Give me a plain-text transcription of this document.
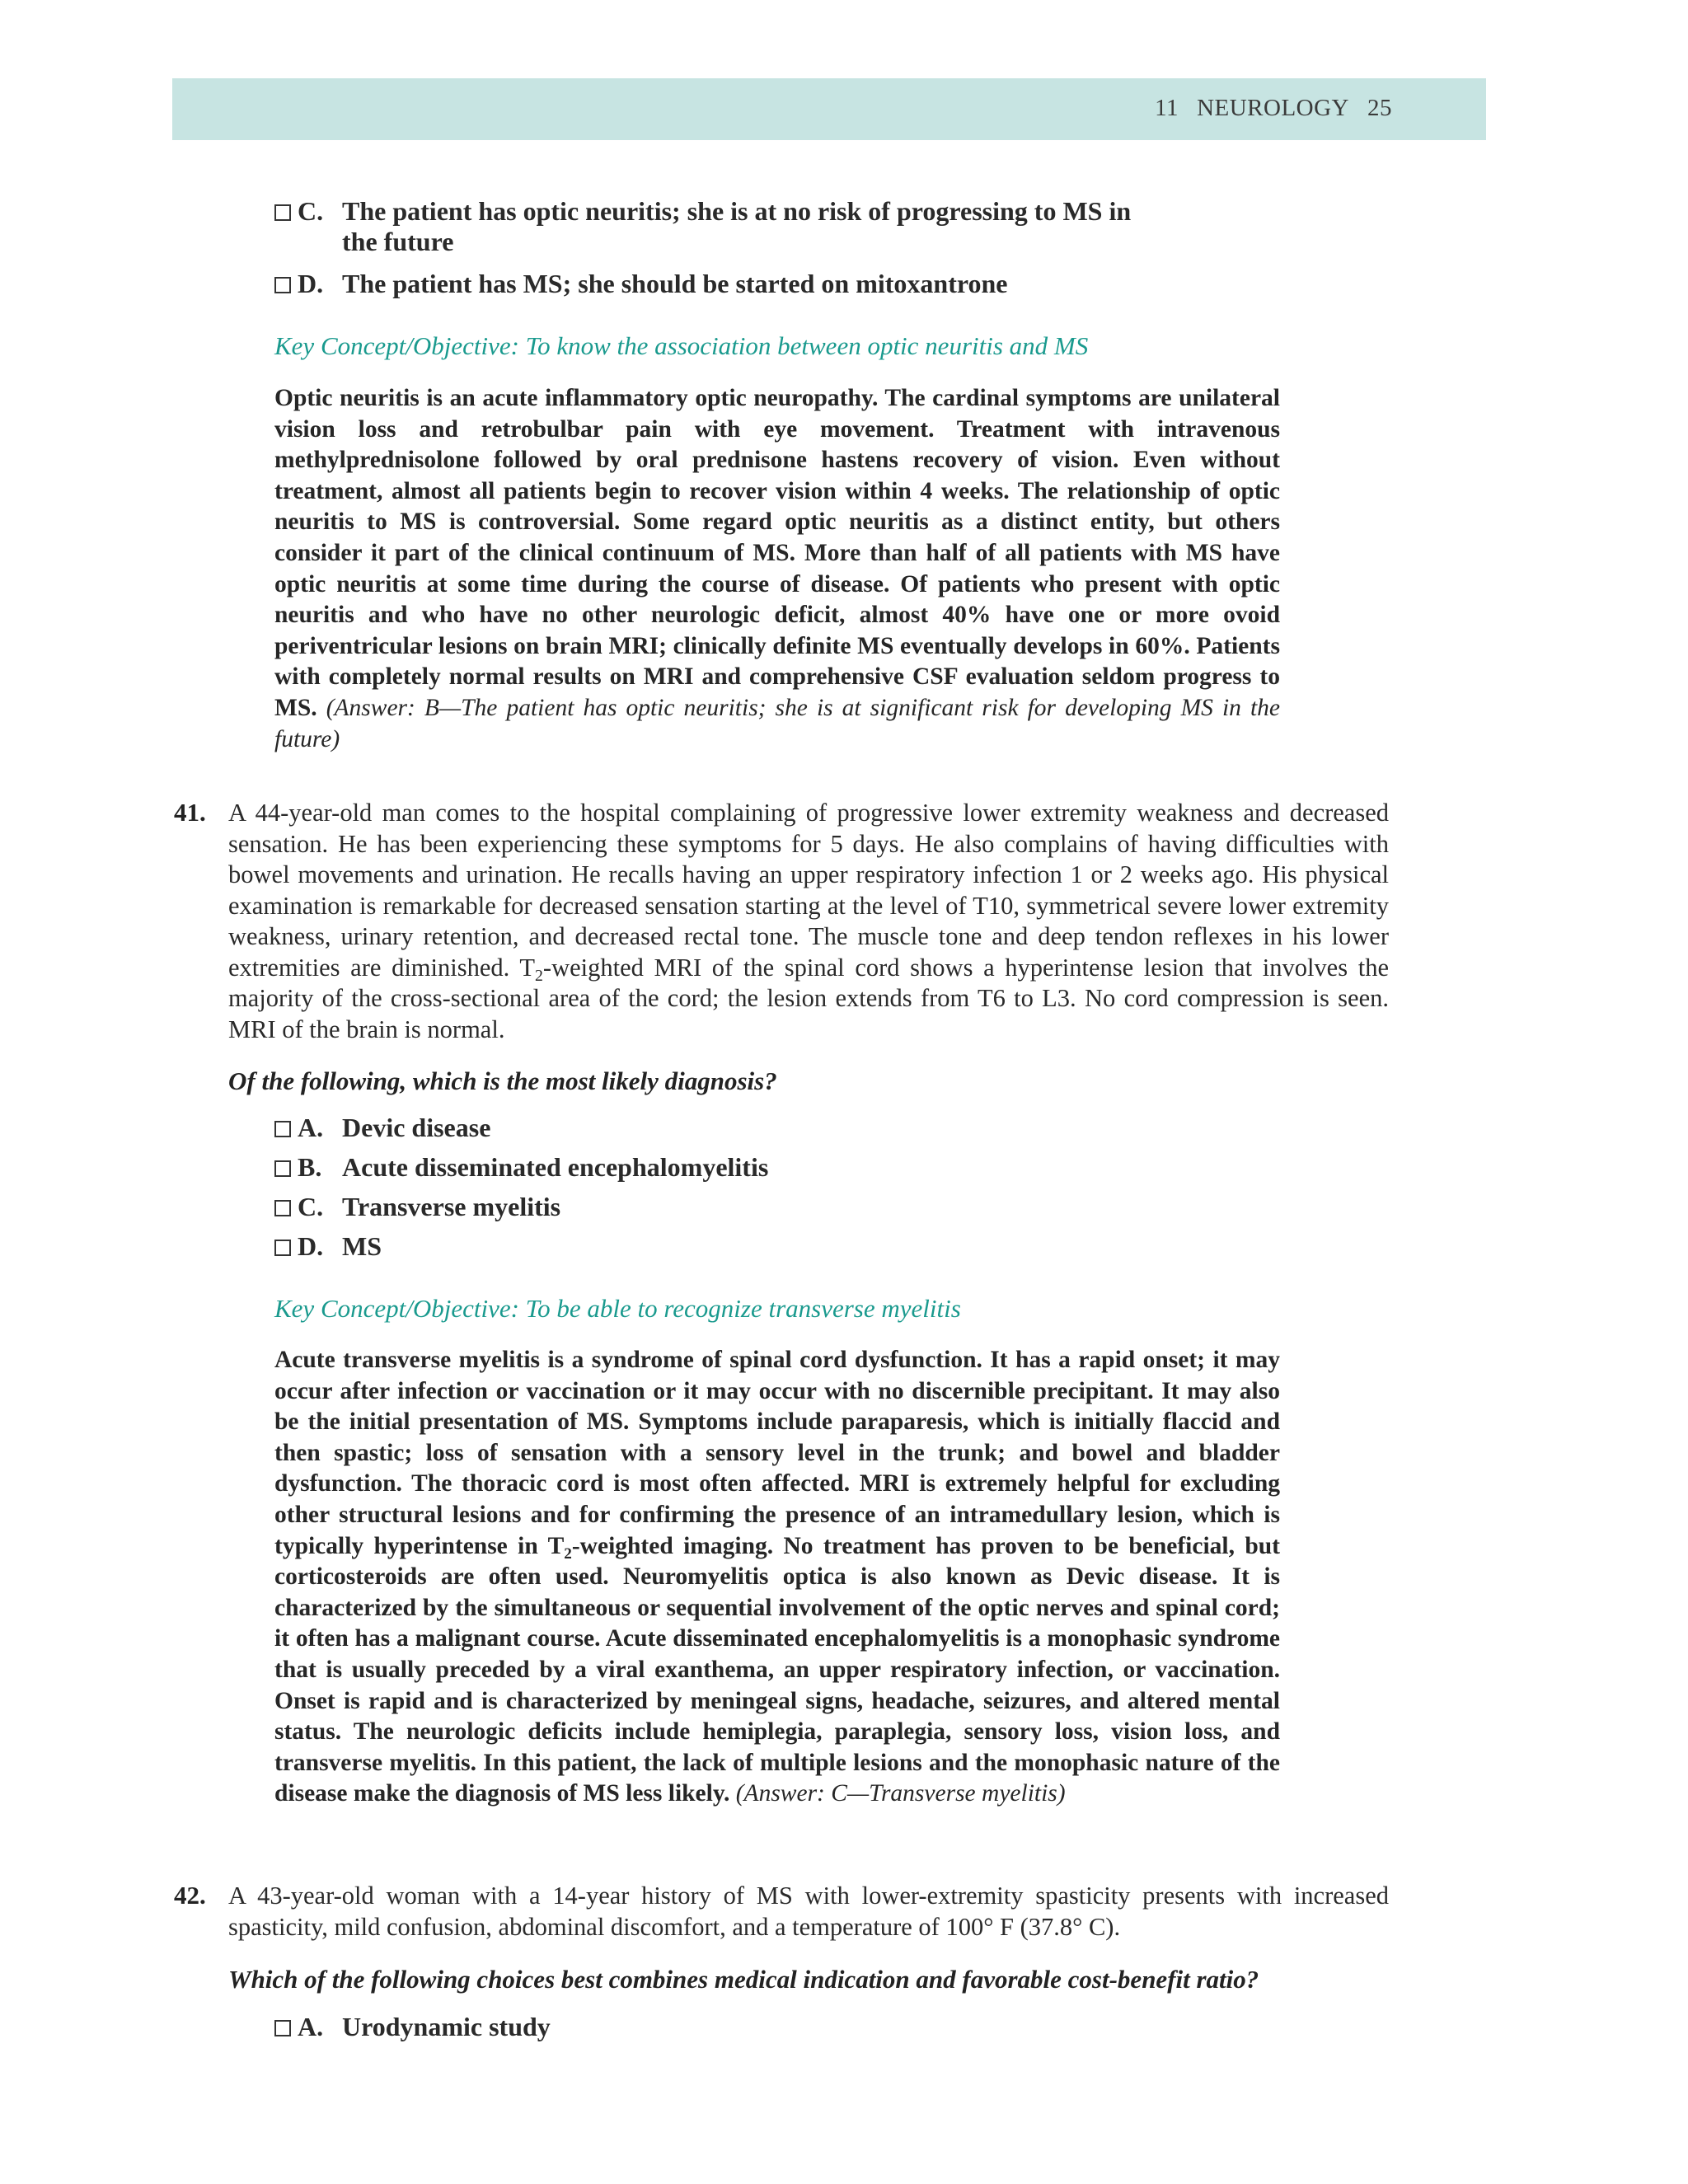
11 NEUROLOGY 25
C. The patient has optic neuritis; she is at no risk of progressing to MS in
the future
D. The patient has MS; she should be started on mitoxantrone
Key Concept/Objective: To know the association between optic neuritis and MS
Optic neuritis is an acute inflammatory optic neuropathy. The cardinal symptoms are unilateral vision loss and retrobulbar pain with eye movement. Treatment with intravenous methylprednisolone followed by oral prednisone hastens recovery of vision. Even without treatment, almost all patients begin to recover vision within 4 weeks. The relationship of optic neuritis to MS is controversial. Some regard optic neuritis as a distinct entity, but others consider it part of the clinical continuum of MS. More than half of all patients with MS have optic neuritis at some time during the course of disease. Of patients who present with optic neuritis and who have no other neurologic deficit, almost 40% have one or more ovoid periventricular lesions on brain MRI; clinically definite MS eventually develops in 60%. Patients with completely normal results on MRI and comprehensive CSF evaluation seldom progress to MS. (Answer: B—The patient has optic neuritis; she is at significant risk for developing MS in the future)
41. A 44-year-old man comes to the hospital complaining of progressive lower extremity weakness and decreased sensation. He has been experiencing these symptoms for 5 days. He also complains of having difficulties with bowel movements and urination. He recalls having an upper respiratory infection 1 or 2 weeks ago. His physical examination is remarkable for decreased sensation starting at the level of T10, symmetrical severe lower extremity weakness, urinary retention, and decreased rectal tone. The muscle tone and deep tendon reflexes in his lower extremities are diminished. $T_2$-weighted MRI of the spinal cord shows a hyperintense lesion that involves the majority of the cross-sectional area of the cord; the lesion extends from T6 to L3. No cord compression is seen. MRI of the brain is normal.
Of the following, which is the most likely diagnosis?
A. Devic disease
B. Acute disseminated encephalomyelitis
C. Transverse myelitis
D. MS
Key Concept/Objective: To be able to recognize transverse myelitis
Acute transverse myelitis is a syndrome of spinal cord dysfunction. It has a rapid onset; it may occur after infection or vaccination or it may occur with no discernible precipitant. It may also be the initial presentation of MS. Symptoms include paraparesis, which is initially flaccid and then spastic; loss of sensation with a sensory level in the trunk; and bowel and bladder dysfunction. The thoracic cord is most often affected. MRI is extremely helpful for excluding other structural lesions and for confirming the presence of an intramedullary lesion, which is typically hyperintense in $T_2$-weighted imaging. No treatment has proven to be beneficial, but corticosteroids are often used. Neuromyelitis optica is also known as Devic disease. It is characterized by the simultaneous or sequential involvement of the optic nerves and spinal cord; it often has a malignant course. Acute disseminated encephalomyelitis is a monophasic syndrome that is usually preceded by a viral exanthema, an upper respiratory infection, or vaccination. Onset is rapid and is characterized by meningeal signs, headache, seizures, and altered mental status. The neurologic deficits include hemiplegia, paraplegia, sensory loss, vision loss, and transverse myelitis. In this patient, the lack of multiple lesions and the monophasic nature of the disease make the diagnosis of MS less likely. (Answer: C—Transverse myelitis)
42. A 43-year-old woman with a 14-year history of MS with lower-extremity spasticity presents with increased spasticity, mild confusion, abdominal discomfort, and a temperature of 100° F (37.8° C).
Which of the following choices best combines medical indication and favorable cost-benefit ratio?
A. Urodynamic study
